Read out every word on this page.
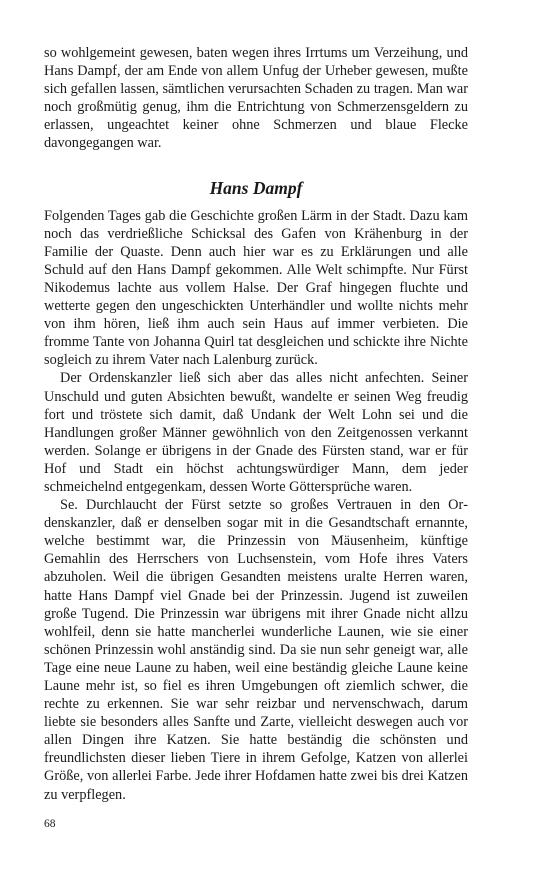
so wohlgemeint gewesen, baten wegen ihres Irrtums um Verzeihung, und Hans Dampf, der am Ende von allem Unfug der Urheber gewesen, mußte sich gefallen lassen, sämtlichen verursachten Schaden zu tragen. Man war noch großmütig genug, ihm die Entrichtung von Schmerzensgeldern zu erlassen, ungeachtet keiner ohne Schmerzen und blaue Flecke davongegangen war.

Hans Dampf

Folgenden Tages gab die Geschichte großen Lärm in der Stadt. Dazu kam noch das verdrießliche Schicksal des Gafen von Krähenburg in der Familie der Quaste. Denn auch hier war es zu Erklärungen und alle Schuld auf den Hans Dampf gekommen. Alle Welt schimpfte. Nur Fürst Nikodemus lachte aus vollem Halse. Der Graf hingegen fluchte und wetterte gegen den ungeschickten Unterhändler und wollte nichts mehr von ihm hören, ließ ihm auch sein Haus auf immer verbieten. Die fromme Tante von Johanna Quirl tat desgleichen und schickte ihre Nichte sogleich zu ihrem Vater nach Lalenburg zurück.

Der Ordenskanzler ließ sich aber das alles nicht anfechten. Seiner Unschuld und guten Absichten bewußt, wandelte er seinen Weg freudig fort und tröstete sich damit, daß Undank der Welt Lohn sei und die Handlungen großer Männer gewöhnlich von den Zeitgenossen verkannt werden. Solange er übrigens in der Gnade des Fürsten stand, war er für Hof und Stadt ein höchst achtungswürdiger Mann, dem jeder schmeichelnd entgegenkam, dessen Worte Göttersprüche waren.

Se. Durchlaucht der Fürst setzte so großes Vertrauen in den Ordenskanzler, daß er denselben sogar mit in die Gesandtschaft ernannte, welche bestimmt war, die Prinzessin von Mäusenheim, künftige Gemahlin des Herrschers von Luchsenstein, vom Hofe ihres Vaters abzuholen. Weil die übrigen Gesandten meistens uralte Herren waren, hatte Hans Dampf viel Gnade bei der Prinzessin. Jugend ist zuweilen große Tugend. Die Prinzessin war übrigens mit ihrer Gnade nicht allzu wohlfeil, denn sie hatte mancherlei wunderliche Launen, wie sie einer schönen Prinzessin wohl anständig sind. Da sie nun sehr geneigt war, alle Tage eine neue Laune zu haben, weil eine beständig gleiche Laune keine Laune mehr ist, so fiel es ihren Umgebungen oft ziemlich schwer, die rechte zu erkennen. Sie war sehr reizbar und nervenschwach, darum liebte sie besonders alles Sanfte und Zarte, vielleicht deswegen auch vor allen Dingen ihre Katzen. Sie hatte beständig die schönsten und freundlichsten dieser lieben Tiere in ihrem Gefolge, Katzen von allerlei Größe, von allerlei Farbe. Jede ihrer Hofdamen hatte zwei bis drei Katzen zu verpflegen.

68
